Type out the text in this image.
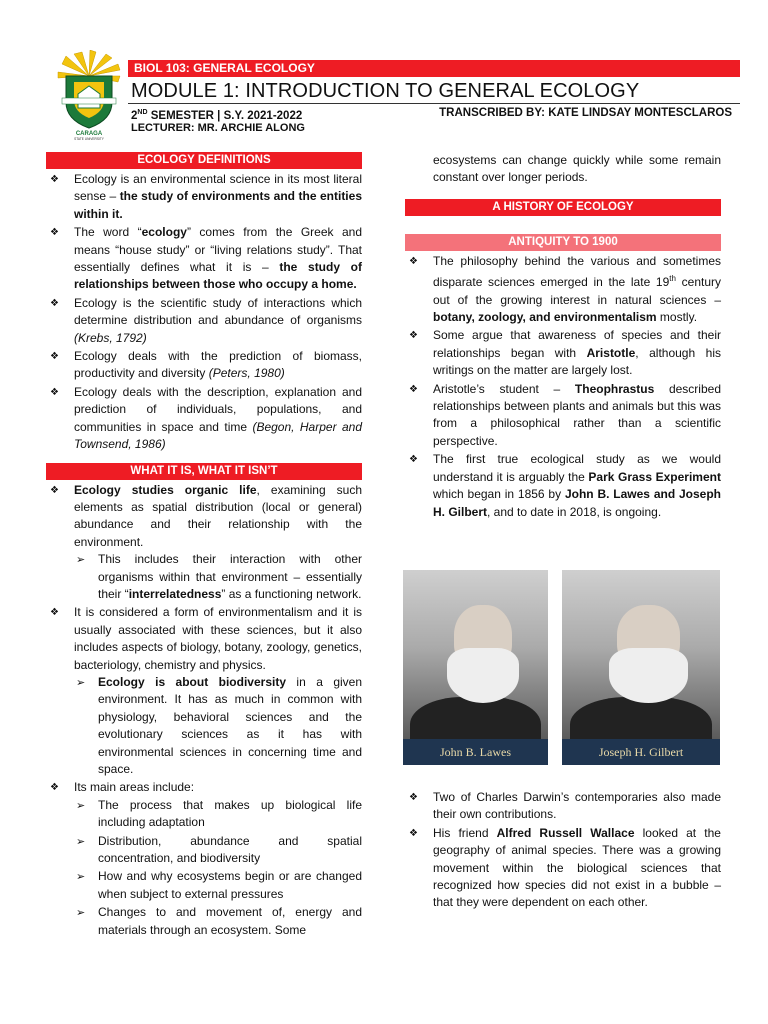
CARAGA
STATE UNIVERSITY
BIOL 103: GENERAL ECOLOGY
MODULE 1: INTRODUCTION TO GENERAL ECOLOGY
2ND SEMESTER | S.Y. 2021-2022	TRANSCRIBED BY: KATE LINDSAY MONTESCLAROS
LECTURER: MR. ARCHIE ALONG
ECOLOGY DEFINITIONS
❖ Ecology is an environmental science in its most literal sense – the study of environments and the entities within it.
❖ The word “ecology” comes from the Greek and means “house study” or “living relations study”. That essentially defines what it is – the study of relationships between those who occupy a home.
❖ Ecology is the scientific study of interactions which determine distribution and abundance of organisms (Krebs, 1792)
❖ Ecology deals with the prediction of biomass, productivity and diversity (Peters, 1980)
❖ Ecology deals with the description, explanation and prediction of individuals, populations, and communities in space and time (Begon, Harper and Townsend, 1986)
WHAT IT IS, WHAT IT ISN’T
❖ Ecology studies organic life, examining such elements as spatial distribution (local or general) abundance and their relationship with the environment.
➢ This includes their interaction with other organisms within that environment – essentially their “interrelatedness” as a functioning network.
❖ It is considered a form of environmentalism and it is usually associated with these sciences, but it also includes aspects of biology, botany, zoology, genetics, bacteriology, chemistry and physics.
➢ Ecology is about biodiversity in a given environment. It has as much in common with physiology, behavioral sciences and the evolutionary sciences as it has with environmental sciences in concerning time and space.
❖ Its main areas include:
➢ The process that makes up biological life including adaptation
➢ Distribution, abundance and spatial concentration, and biodiversity
➢ How and why ecosystems begin or are changed when subject to external pressures
➢ Changes to and movement of, energy and materials through an ecosystem. Some
ecosystems can change quickly while some remain constant over longer periods.
A HISTORY OF ECOLOGY
ANTIQUITY TO 1900
❖ The philosophy behind the various and sometimes disparate sciences emerged in the late 19th century out of the growing interest in natural sciences – botany, zoology, and environmentalism mostly.
❖ Some argue that awareness of species and their relationships began with Aristotle, although his writings on the matter are largely lost.
❖ Aristotle’s student – Theophrastus described relationships between plants and animals but this was from a philosophical rather than a scientific perspective.
❖ The first true ecological study as we would understand it is arguably the Park Grass Experiment which began in 1856 by John B. Lawes and Joseph H. Gilbert, and to date in 2018, is ongoing.
John B. Lawes	Joseph H. Gilbert
❖ Two of Charles Darwin’s contemporaries also made their own contributions.
❖ His friend Alfred Russell Wallace looked at the geography of animal species. There was a growing movement within the biological sciences that recognized how species did not exist in a bubble – that they were dependent on each other.
